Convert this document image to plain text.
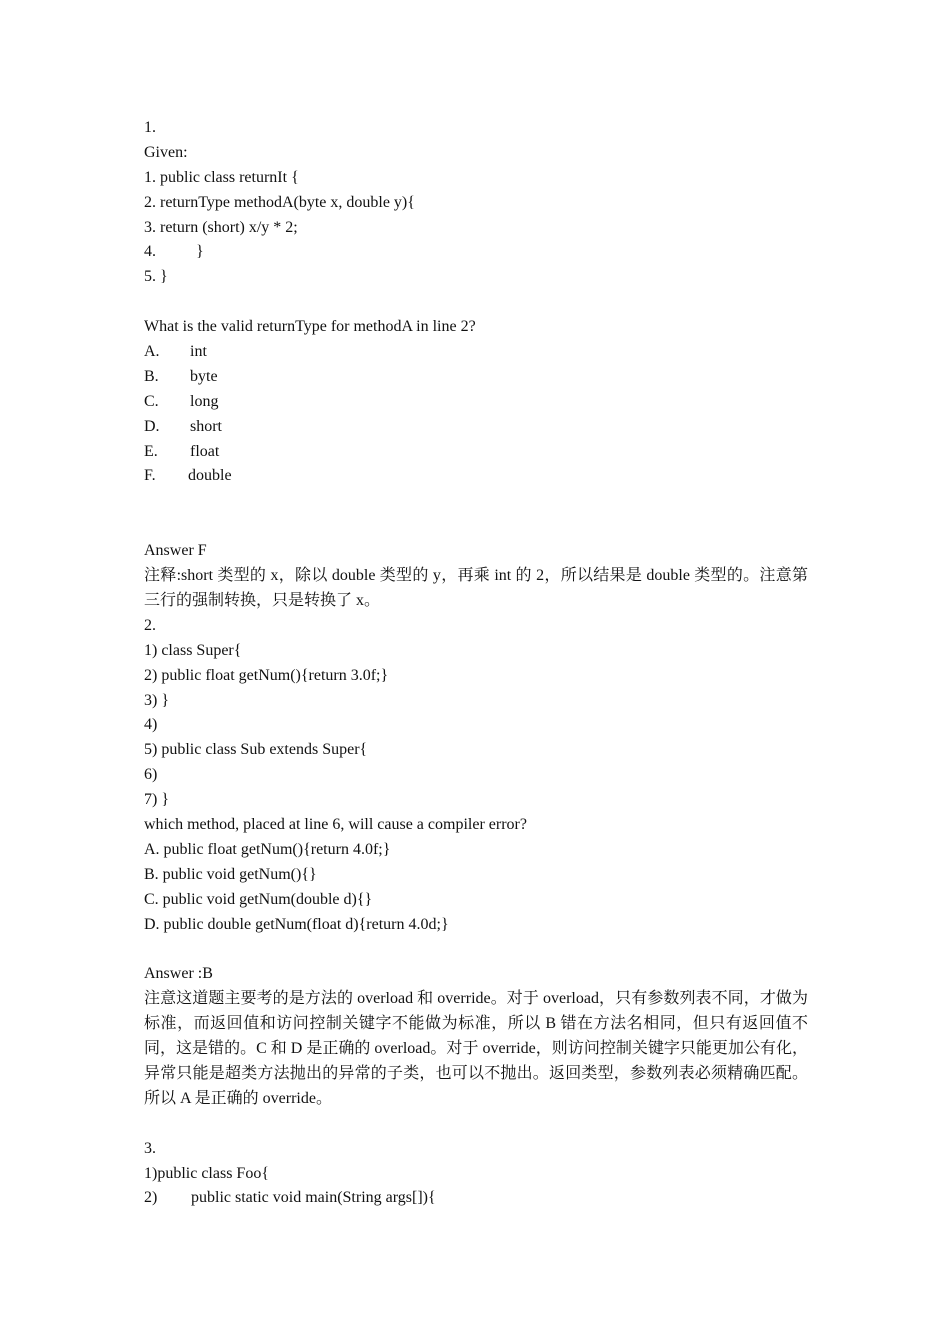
1.
Given:
1. public class returnIt {
2. returnType methodA(byte x, double y){
3. return (short) x/y * 2;
4.          }
5. }
What is the valid returnType for methodA in line 2?
A.	int
B.	byte
C.	long
D.	short
E.	float
F.	double
Answer F
注释:short 类型的 x，除以 double 类型的 y，再乘 int 的 2，所以结果是 double 类型的。注意第三行的强制转换，只是转换了 x。
2.
1) class Super{
2) public float getNum(){return 3.0f;}
3) }
4)
5) public class Sub extends Super{
6)
7) }
which method, placed at line 6, will cause a compiler error?
A. public float getNum(){return 4.0f;}
B. public void getNum(){}
C. public void getNum(double d){}
D. public double getNum(float d){return 4.0d;}
Answer :B
注意这道题主要考的是方法的 overload 和 override。对于 overload，只有参数列表不同，才做为标准，而返回值和访问控制关键字不能做为标准，所以 B 错在方法名相同，但只有返回值不同，这是错的。C 和 D 是正确的 overload。对于 override，则访问控制关键字只能更加公有化，异常只能是超类方法抛出的异常的子类，也可以不抛出。返回类型，参数列表必须精确匹配。所以 A 是正确的 override。
3.
1)public class Foo{
2)	public static void main(String args[]){
